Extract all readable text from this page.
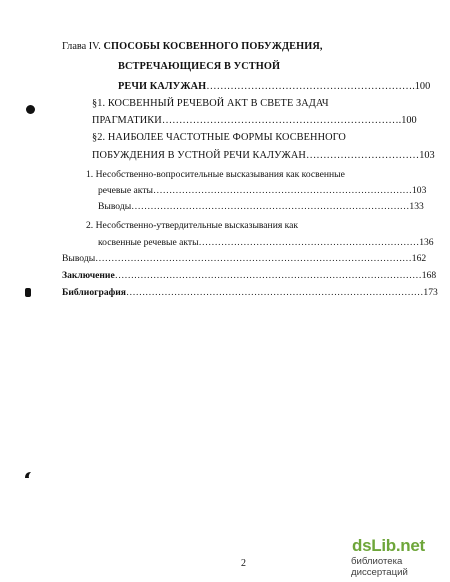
Глава IV. СПОСОБЫ КОСВЕННОГО ПОБУЖДЕНИЯ,
ВСТРЕЧАЮЩИЕСЯ В УСТНОЙ
РЕЧИ КАЛУЖАН…………………………………………………….100
§1. КОСВЕННЫЙ РЕЧЕВОЙ АКТ В СВЕТЕ ЗАДАЧ
ПРАГМАТИКИ…………………………………………………………….100
§2. НАИБОЛЕЕ ЧАСТОТНЫЕ ФОРМЫ КОСВЕННОГО
ПОБУЖДЕНИЯ В УСТНОЙ РЕЧИ КАЛУЖАН……………………………103
1. Несобственно-вопросительные высказывания как косвенные
речевые акты………………………………………………………………………103
Выводы……………………………………………………………………………133
2. Несобственно-утвердительные высказывания как
косвенные речевые акты……………………………………………………………136
Выводы………………………………………………………………………………………162
Заключение……………………………………………………………………………………168
Библиография…………………………………………………………………………………173
2
dsLib.net
библиотека диссертаций
